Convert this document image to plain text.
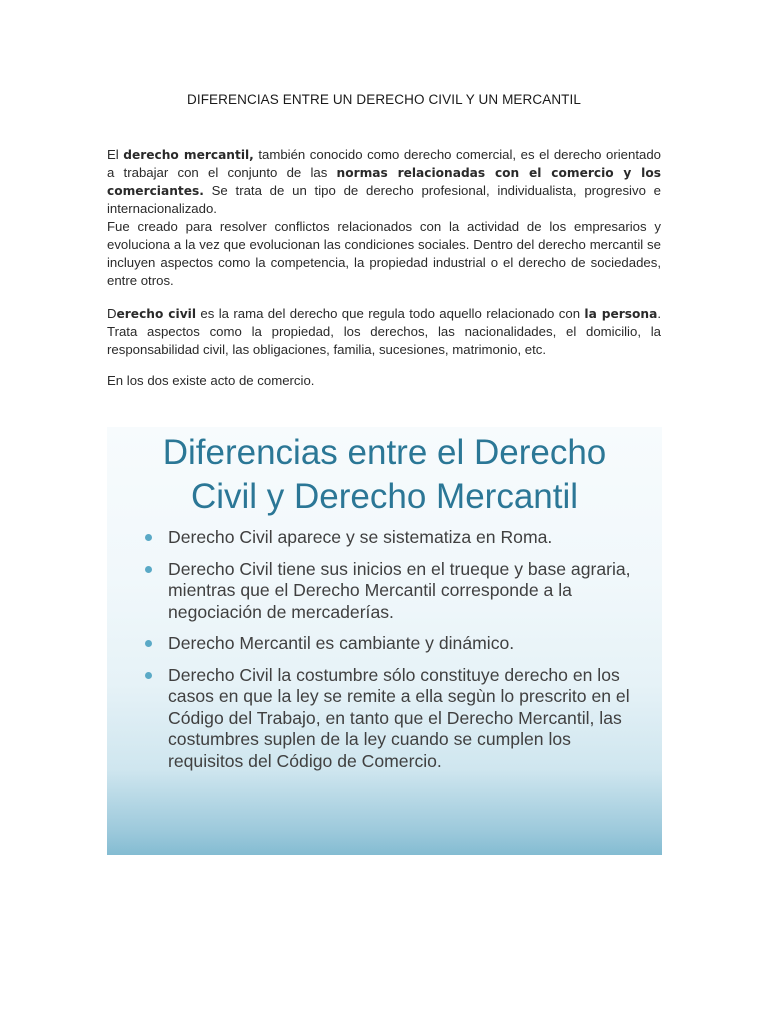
DIFERENCIAS ENTRE UN DERECHO CIVIL Y UN MERCANTIL

El derecho mercantil, también conocido como derecho comercial, es el derecho orientado a trabajar con el conjunto de las normas relacionadas con el comercio y los comerciantes. Se trata de un tipo de derecho profesional, individualista, progresivo e internacionalizado.

Fue creado para resolver conflictos relacionados con la actividad de los empresarios y evoluciona a la vez que evolucionan las condiciones sociales. Dentro del derecho mercantil se incluyen aspectos como la competencia, la propiedad industrial o el derecho de sociedades, entre otros.

Derecho civil es la rama del derecho que regula todo aquello relacionado con la persona. Trata aspectos como la propiedad, los derechos, las nacionalidades, el domicilio, la responsabilidad civil, las obligaciones, familia, sucesiones, matrimonio, etc.

En los dos existe acto de comercio.

Diferencias entre el Derecho
Civil y Derecho Mercantil
Derecho Civil aparece y se sistematiza en Roma.
Derecho Civil tiene sus inicios en el trueque y base agraria, mientras que el Derecho Mercantil corresponde a la negociación de mercaderías.
Derecho Mercantil es cambiante y dinámico.
Derecho Civil la costumbre sólo constituye derecho en los casos en que la ley se remite a ella segùn lo prescrito en el Código del Trabajo, en tanto que el Derecho Mercantil, las costumbres suplen de la ley cuando se cumplen los requisitos del Código de Comercio.
